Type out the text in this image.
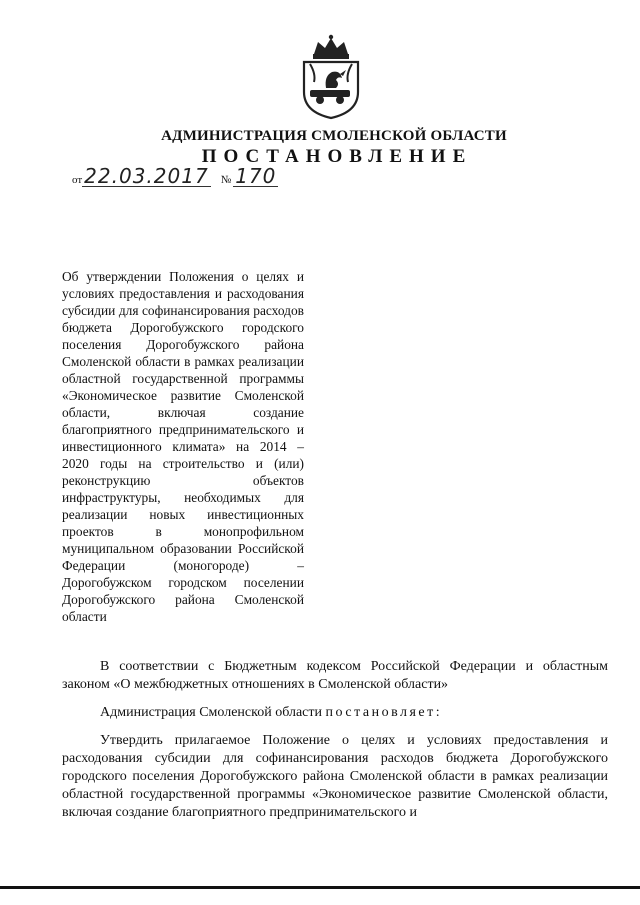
АДМИНИСТРАЦИЯ СМОЛЕНСКОЙ ОБЛАСТИ
ПОСТАНОВЛЕНИЕ
от 22.03.2017 № 170
Об утверждении Положения о целях и условиях предоставления и расходования субсидии для софинансирования расходов бюджета Дорогобужского городского поселения Дорогобужского района Смоленской области в рамках реализации областной государственной программы «Экономическое развитие Смоленской области, включая создание благоприятного предпринимательского и инвестиционного климата» на 2014 – 2020 годы на строительство и (или) реконструкцию объектов инфраструктуры, необходимых для реализации новых инвестиционных проектов в монопрофильном муниципальном образовании Российской Федерации (моногороде) – Дорогобужском городском поселении Дорогобужского района Смоленской области
В соответствии с Бюджетным кодексом Российской Федерации и областным законом «О межбюджетных отношениях в Смоленской области»
Администрация Смоленской области постановляет:
Утвердить прилагаемое Положение о целях и условиях предоставления и расходования субсидии для софинансирования расходов бюджета Дорогобужского городского поселения Дорогобужского района Смоленской области в рамках реализации областной государственной программы «Экономическое развитие Смоленской области, включая создание благоприятного предпринимательского и
